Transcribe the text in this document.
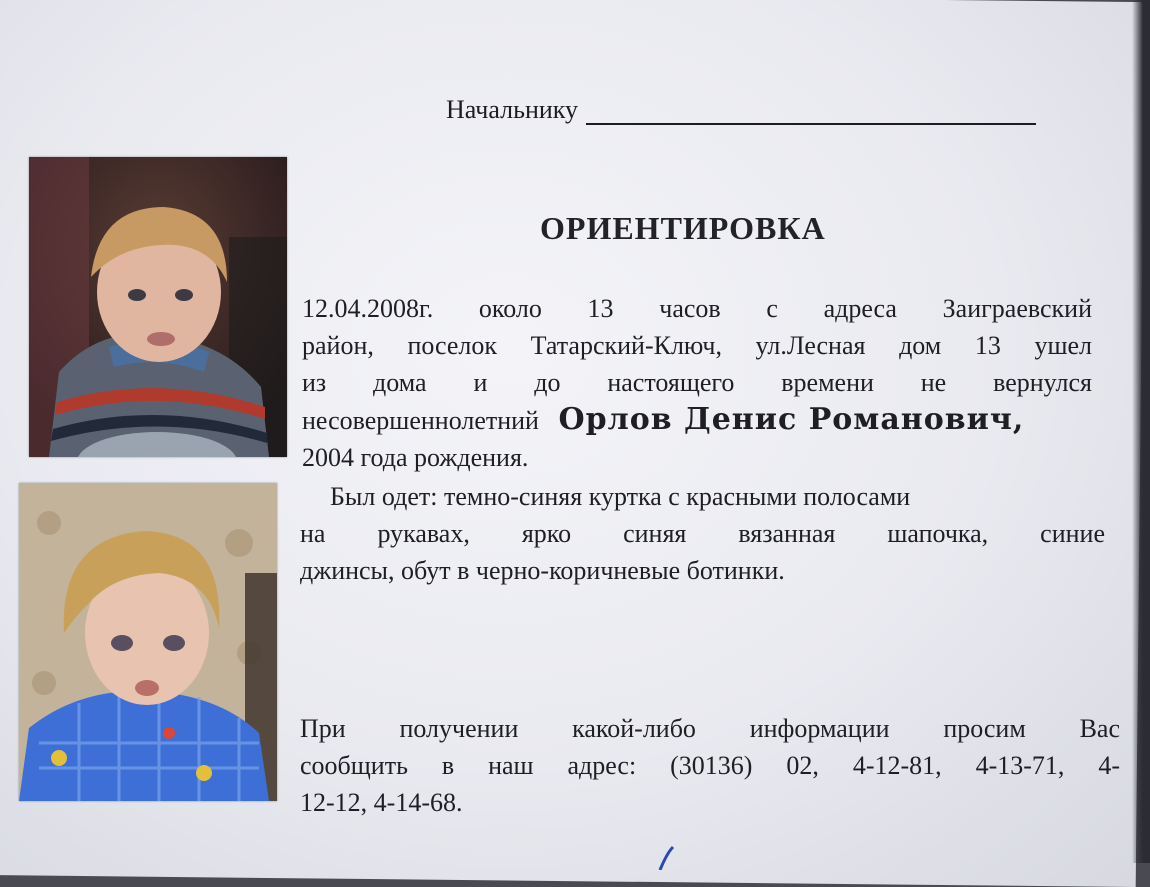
Начальнику
ОРИЕНТИРОВКА
12.04.2008г. около 13 часов с адреса Заиграевский
район, поселок Татарский-Ключ, ул.Лесная дом 13 ушел
из дома и до настоящего времени не вернулся
несовершеннолетний Орлов Денис Романович,
2004 года рождения.
Был одет: темно-синяя куртка с красными полосами
на рукавах, ярко синяя вязанная шапочка, синие
джинсы, обут в черно-коричневые ботинки.
При получении какой-либо информации просим Вас
сообщить в наш адрес: (30136) 02, 4-12-81, 4-13-71, 4-
12-12, 4-14-68.
